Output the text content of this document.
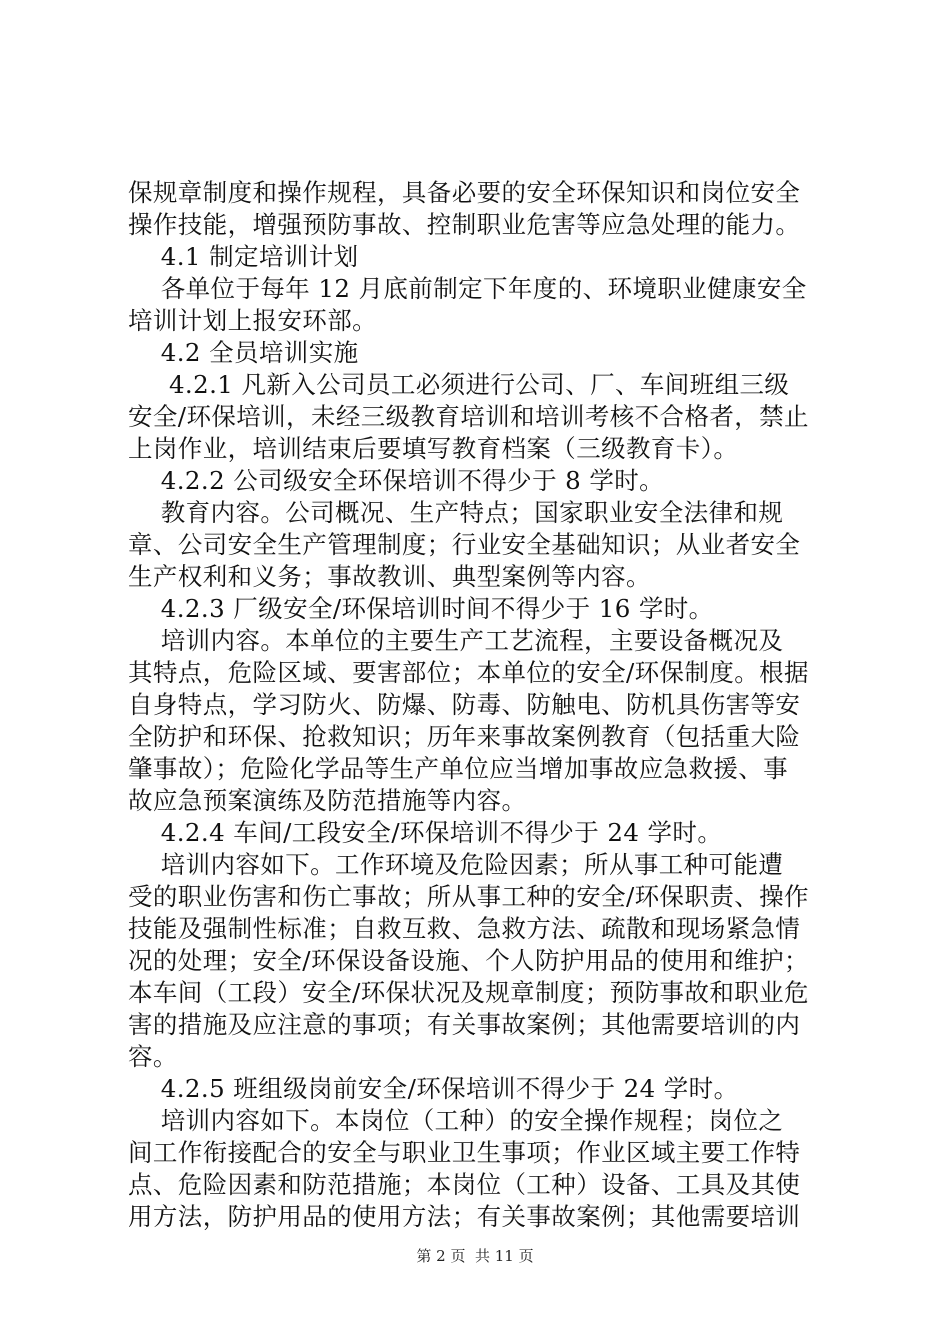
保规章制度和操作规程，具备必要的安全环保知识和岗位安全
操作技能，增强预防事故、控制职业危害等应急处理的能力。
4.1 制定培训计划
各单位于每年 12 月底前制定下年度的、环境职业健康安全
培训计划上报安环部。
4.2 全员培训实施
4.2.1 凡新入公司员工必须进行公司、厂、车间班组三级
安全/环保培训，未经三级教育培训和培训考核不合格者，禁止
上岗作业，培训结束后要填写教育档案（三级教育卡）。
4.2.2 公司级安全环保培训不得少于 8 学时。
教育内容。公司概况、生产特点；国家职业安全法律和规
章、公司安全生产管理制度；行业安全基础知识；从业者安全
生产权利和义务；事故教训、典型案例等内容。
4.2.3 厂级安全/环保培训时间不得少于 16 学时。
培训内容。本单位的主要生产工艺流程，主要设备概况及
其特点，危险区域、要害部位；本单位的安全/环保制度。根据
自身特点，学习防火、防爆、防毒、防触电、防机具伤害等安
全防护和环保、抢救知识；历年来事故案例教育（包括重大险
肇事故）；危险化学品等生产单位应当增加事故应急救援、事
故应急预案演练及防范措施等内容。
4.2.4 车间/工段安全/环保培训不得少于 24 学时。
培训内容如下。工作环境及危险因素；所从事工种可能遭
受的职业伤害和伤亡事故；所从事工种的安全/环保职责、操作
技能及强制性标准；自救互救、急救方法、疏散和现场紧急情
况的处理；安全/环保设备设施、个人防护用品的使用和维护；
本车间（工段）安全/环保状况及规章制度；预防事故和职业危
害的措施及应注意的事项；有关事故案例；其他需要培训的内
容。
4.2.5 班组级岗前安全/环保培训不得少于 24 学时。
培训内容如下。本岗位（工种）的安全操作规程；岗位之
间工作衔接配合的安全与职业卫生事项；作业区域主要工作特
点、危险因素和防范措施；本岗位（工种）设备、工具及其使
用方法，防护用品的使用方法；有关事故案例；其他需要培训
第 2 页  共 11 页
